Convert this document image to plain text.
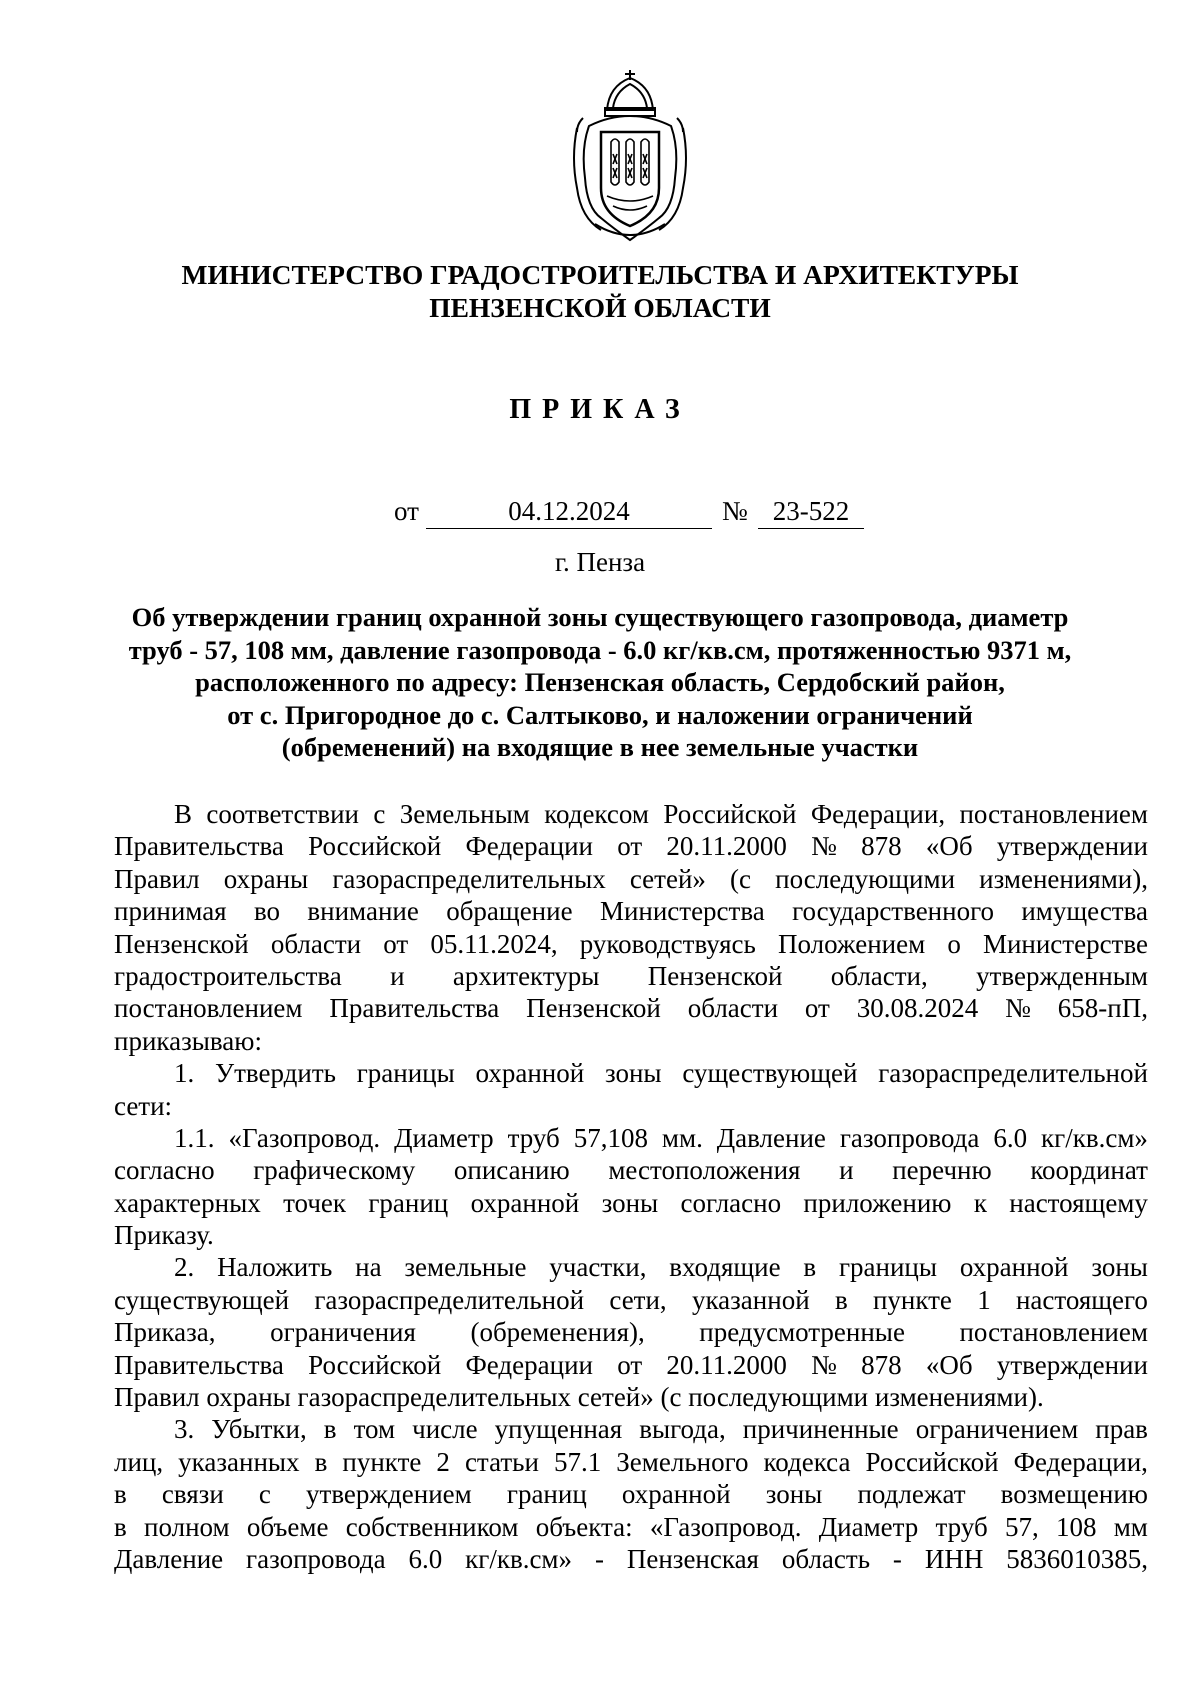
МИНИСТЕРСТВО ГРАДОСТРОИТЕЛЬСТВА И АРХИТЕКТУРЫ
ПЕНЗЕНСКОЙ ОБЛАСТИ
ПРИКАЗ
от	04.12.2024	№ 23-522
г. Пенза
Об утверждении границ охранной зоны существующего газопровода, диаметр
труб - 57, 108 мм, давление газопровода - 6.0 кг/кв.см, протяженностью 9371 м,
расположенного по адресу: Пензенская область, Сердобский район,
от с. Пригородное до с. Салтыково, и наложении ограничений
(обременений) на входящие в нее земельные участки
В соответствии с Земельным кодексом Российской Федерации, постановлением
Правительства Российской Федерации от 20.11.2000 № 878 «Об утверждении
Правил охраны газораспределительных сетей» (с последующими изменениями),
принимая во внимание обращение Министерства государственного имущества
Пензенской области от 05.11.2024, руководствуясь Положением о Министерстве
градостроительства и архитектуры Пензенской области, утвержденным
постановлением Правительства Пензенской области от 30.08.2024 № 658-пП,
приказываю:
1. Утвердить границы охранной зоны существующей газораспределительной
сети:
1.1. «Газопровод. Диаметр труб 57,108 мм. Давление газопровода 6.0 кг/кв.см»
согласно графическому описанию местоположения и перечню координат
характерных точек границ охранной зоны согласно приложению к настоящему
Приказу.
2. Наложить на земельные участки, входящие в границы охранной зоны
существующей газораспределительной сети, указанной в пункте 1 настоящего
Приказа, ограничения (обременения), предусмотренные постановлением
Правительства Российской Федерации от 20.11.2000 № 878 «Об утверждении
Правил охраны газораспределительных сетей» (с последующими изменениями).
3. Убытки, в том числе упущенная выгода, причиненные ограничением прав
лиц, указанных в пункте 2 статьи 57.1 Земельного кодекса Российской Федерации,
в связи с утверждением границ охранной зоны подлежат возмещению
в полном объеме собственником объекта: «Газопровод. Диаметр труб 57, 108 мм
Давление газопровода 6.0 кг/кв.см» - Пензенская область - ИНН 5836010385,
